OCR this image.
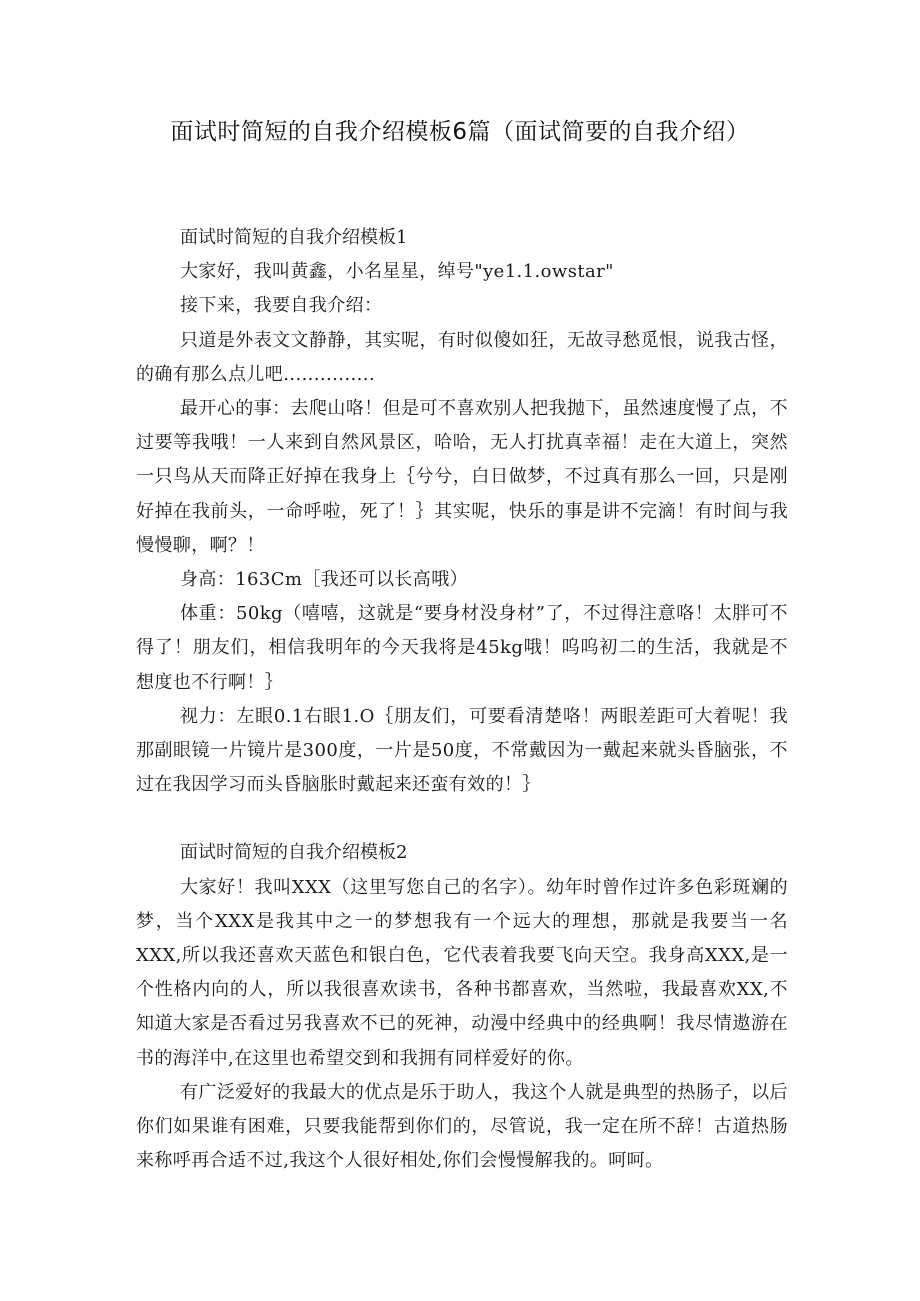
面试时简短的自我介绍模板6篇（面试简要的自我介绍）
面试时简短的自我介绍模板1

大家好，我叫黄鑫，小名星星，绰号"ye1.1.owstar"

接下来，我要自我介绍：

只道是外表文文静静，其实呢，有时似傻如狂，无故寻愁觅恨，说我古怪，的确有那么点儿吧...............

最开心的事：去爬山咯！但是可不喜欢别人把我抛下，虽然速度慢了点，不过要等我哦！一人来到自然风景区，哈哈，无人打扰真幸福！走在大道上，突然一只鸟从天而降正好掉在我身上｛兮兮，白日做梦，不过真有那么一回，只是刚好掉在我前头，一命呼啦，死了！｝其实呢，快乐的事是讲不完滴！有时间与我慢慢聊，啊？！

身高：163Cm［我还可以长高哦）

体重：50kg（嘻嘻，这就是“要身材没身材”了，不过得注意咯！太胖可不得了！朋友们，相信我明年的今天我将是45kg哦！呜呜初二的生活，我就是不想度也不行啊！｝

视力：左眼0.1右眼1.O｛朋友们，可要看清楚咯！两眼差距可大着呢！我那副眼镜一片镜片是300度，一片是50度，不常戴因为一戴起来就头昏脑张，不过在我因学习而头昏脑胀时戴起来还蛮有效的！｝

面试时简短的自我介绍模板2

大家好！我叫XXX（这里写您自己的名字）。幼年时曾作过许多色彩斑斓的梦，当个XXX是我其中之一的梦想我有一个远大的理想，那就是我要当一名XXX,所以我还喜欢天蓝色和银白色，它代表着我要飞向天空。我身高XXX,是一个性格内向的人，所以我很喜欢读书，各种书都喜欢，当然啦，我最喜欢XX,不知道大家是否看过另我喜欢不已的死神，动漫中经典中的经典啊！我尽情遨游在书的海洋中,在这里也希望交到和我拥有同样爱好的你。

有广泛爱好的我最大的优点是乐于助人，我这个人就是典型的热肠子，以后你们如果谁有困难，只要我能帮到你们的，尽管说，我一定在所不辞！古道热肠来称呼再合适不过,我这个人很好相处,你们会慢慢解我的。呵呵。
